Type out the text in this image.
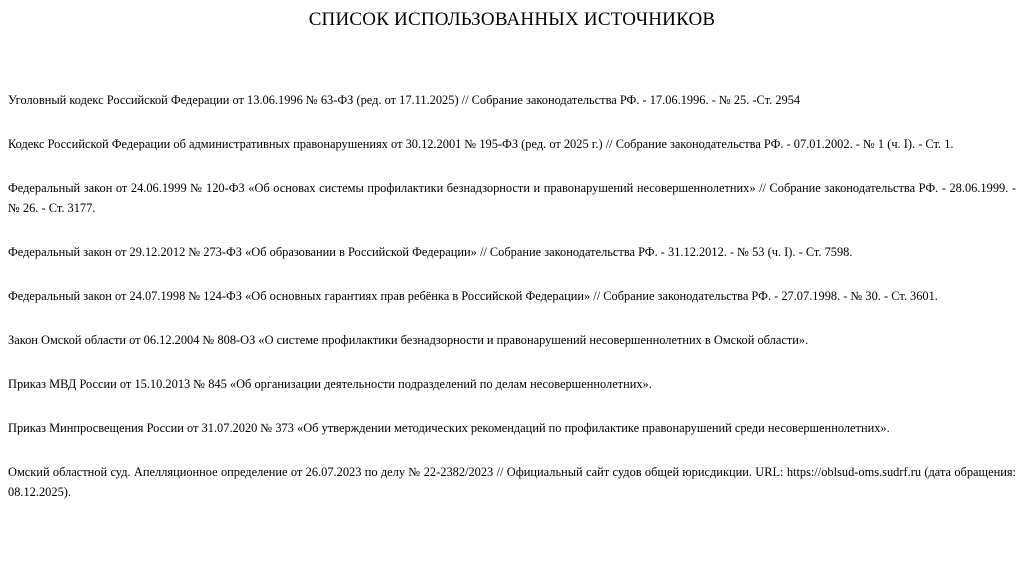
СПИСОК ИСПОЛЬЗОВАННЫХ ИСТОЧНИКОВ

Уголовный кодекс Российской Федерации от 13.06.1996 № 63-ФЗ (ред. от 17.11.2025) // Собрание законодательства РФ. - 17.06.1996. - № 25. -Ст. 2954

Кодекс Российской Федерации об административных правонарушениях от 30.12.2001 № 195-ФЗ (ред. от 2025 г.) // Собрание законодательства РФ. - 07.01.2002. - № 1 (ч. I). - Ст. 1.

Федеральный закон от 24.06.1999 № 120-ФЗ «Об основах системы профилактики безнадзорности и правонарушений несовершеннолетних» // Собрание законодательства РФ. - 28.06.1999. - № 26. - Ст. 3177.

Федеральный закон от 29.12.2012 № 273-ФЗ «Об образовании в Российской Федерации» // Собрание законодательства РФ. - 31.12.2012. - № 53 (ч. I). - Ст. 7598.

Федеральный закон от 24.07.1998 № 124-ФЗ «Об основных гарантиях прав ребёнка в Российской Федерации» // Собрание законодательства РФ. - 27.07.1998. - № 30. - Ст. 3601.

Закон Омской области от 06.12.2004 № 808-ОЗ «О системе профилактики безнадзорности и правонарушений несовершеннолетних в Омской области».

Приказ МВД России от 15.10.2013 № 845 «Об организации деятельности подразделений по делам несовершеннолетних».

Приказ Минпросвещения России от 31.07.2020 № 373 «Об утверждении методических рекомендаций по профилактике правонарушений среди несовершеннолетних».

Омский областной суд. Апелляционное определение от 26.07.2023 по делу № 22-2382/2023 // Официальный сайт судов общей юрисдикции. URL: https://oblsud-oms.sudrf.ru (дата обращения: 08.12.2025).
